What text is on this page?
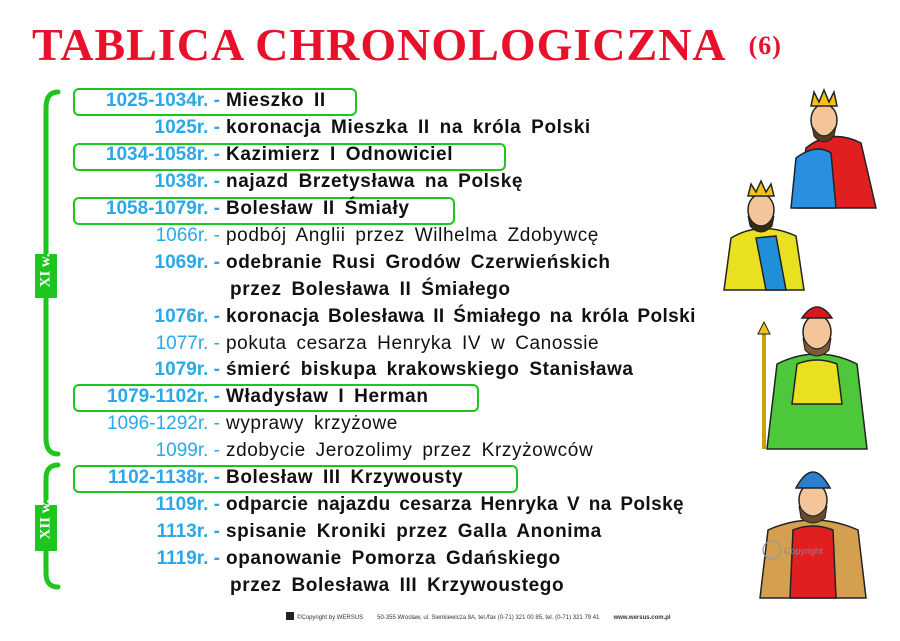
TABLICA CHRONOLOGICZNA (6)
XI w.
XII w.
1025-1034r. - Mieszko II
1025r. - koronacja Mieszka II na króla Polski
1034-1058r. - Kazimierz I Odnowiciel
1038r. - najazd Brzetysława na Polskę
1058-1079r. - Bolesław II Śmiały
1066r. - podbój Anglii przez Wilhelma Zdobywcę
1069r. - odebranie Rusi Grodów Czerwieńskich
przez Bolesława II Śmiałego
1076r. - koronacja Bolesława II Śmiałego na króla Polski
1077r. - pokuta cesarza Henryka IV w Canossie
1079r. - śmierć biskupa krakowskiego Stanisława
1079-1102r. - Władysław I Herman
1096-1292r. - wyprawy krzyżowe
1099r. - zdobycie Jerozolimy przez Krzyżowców
1102-1138r. - Bolesław III Krzywousty
1109r. - odparcie najazdu cesarza Henryka V na Polskę
1113r. - spisanie Kroniki przez Galla Anonima
1119r. - opanowanie Pomorza Gdańskiego
przez Bolesława III Krzywoustego
Copyright
©Copyright by WERSUS 50-355 Wrocław, ul. Sienkiewicza 8A, tel./fax (0-71) 321 00 85, tel. (0-71) 321 79 41 www.wersus.com.pl
